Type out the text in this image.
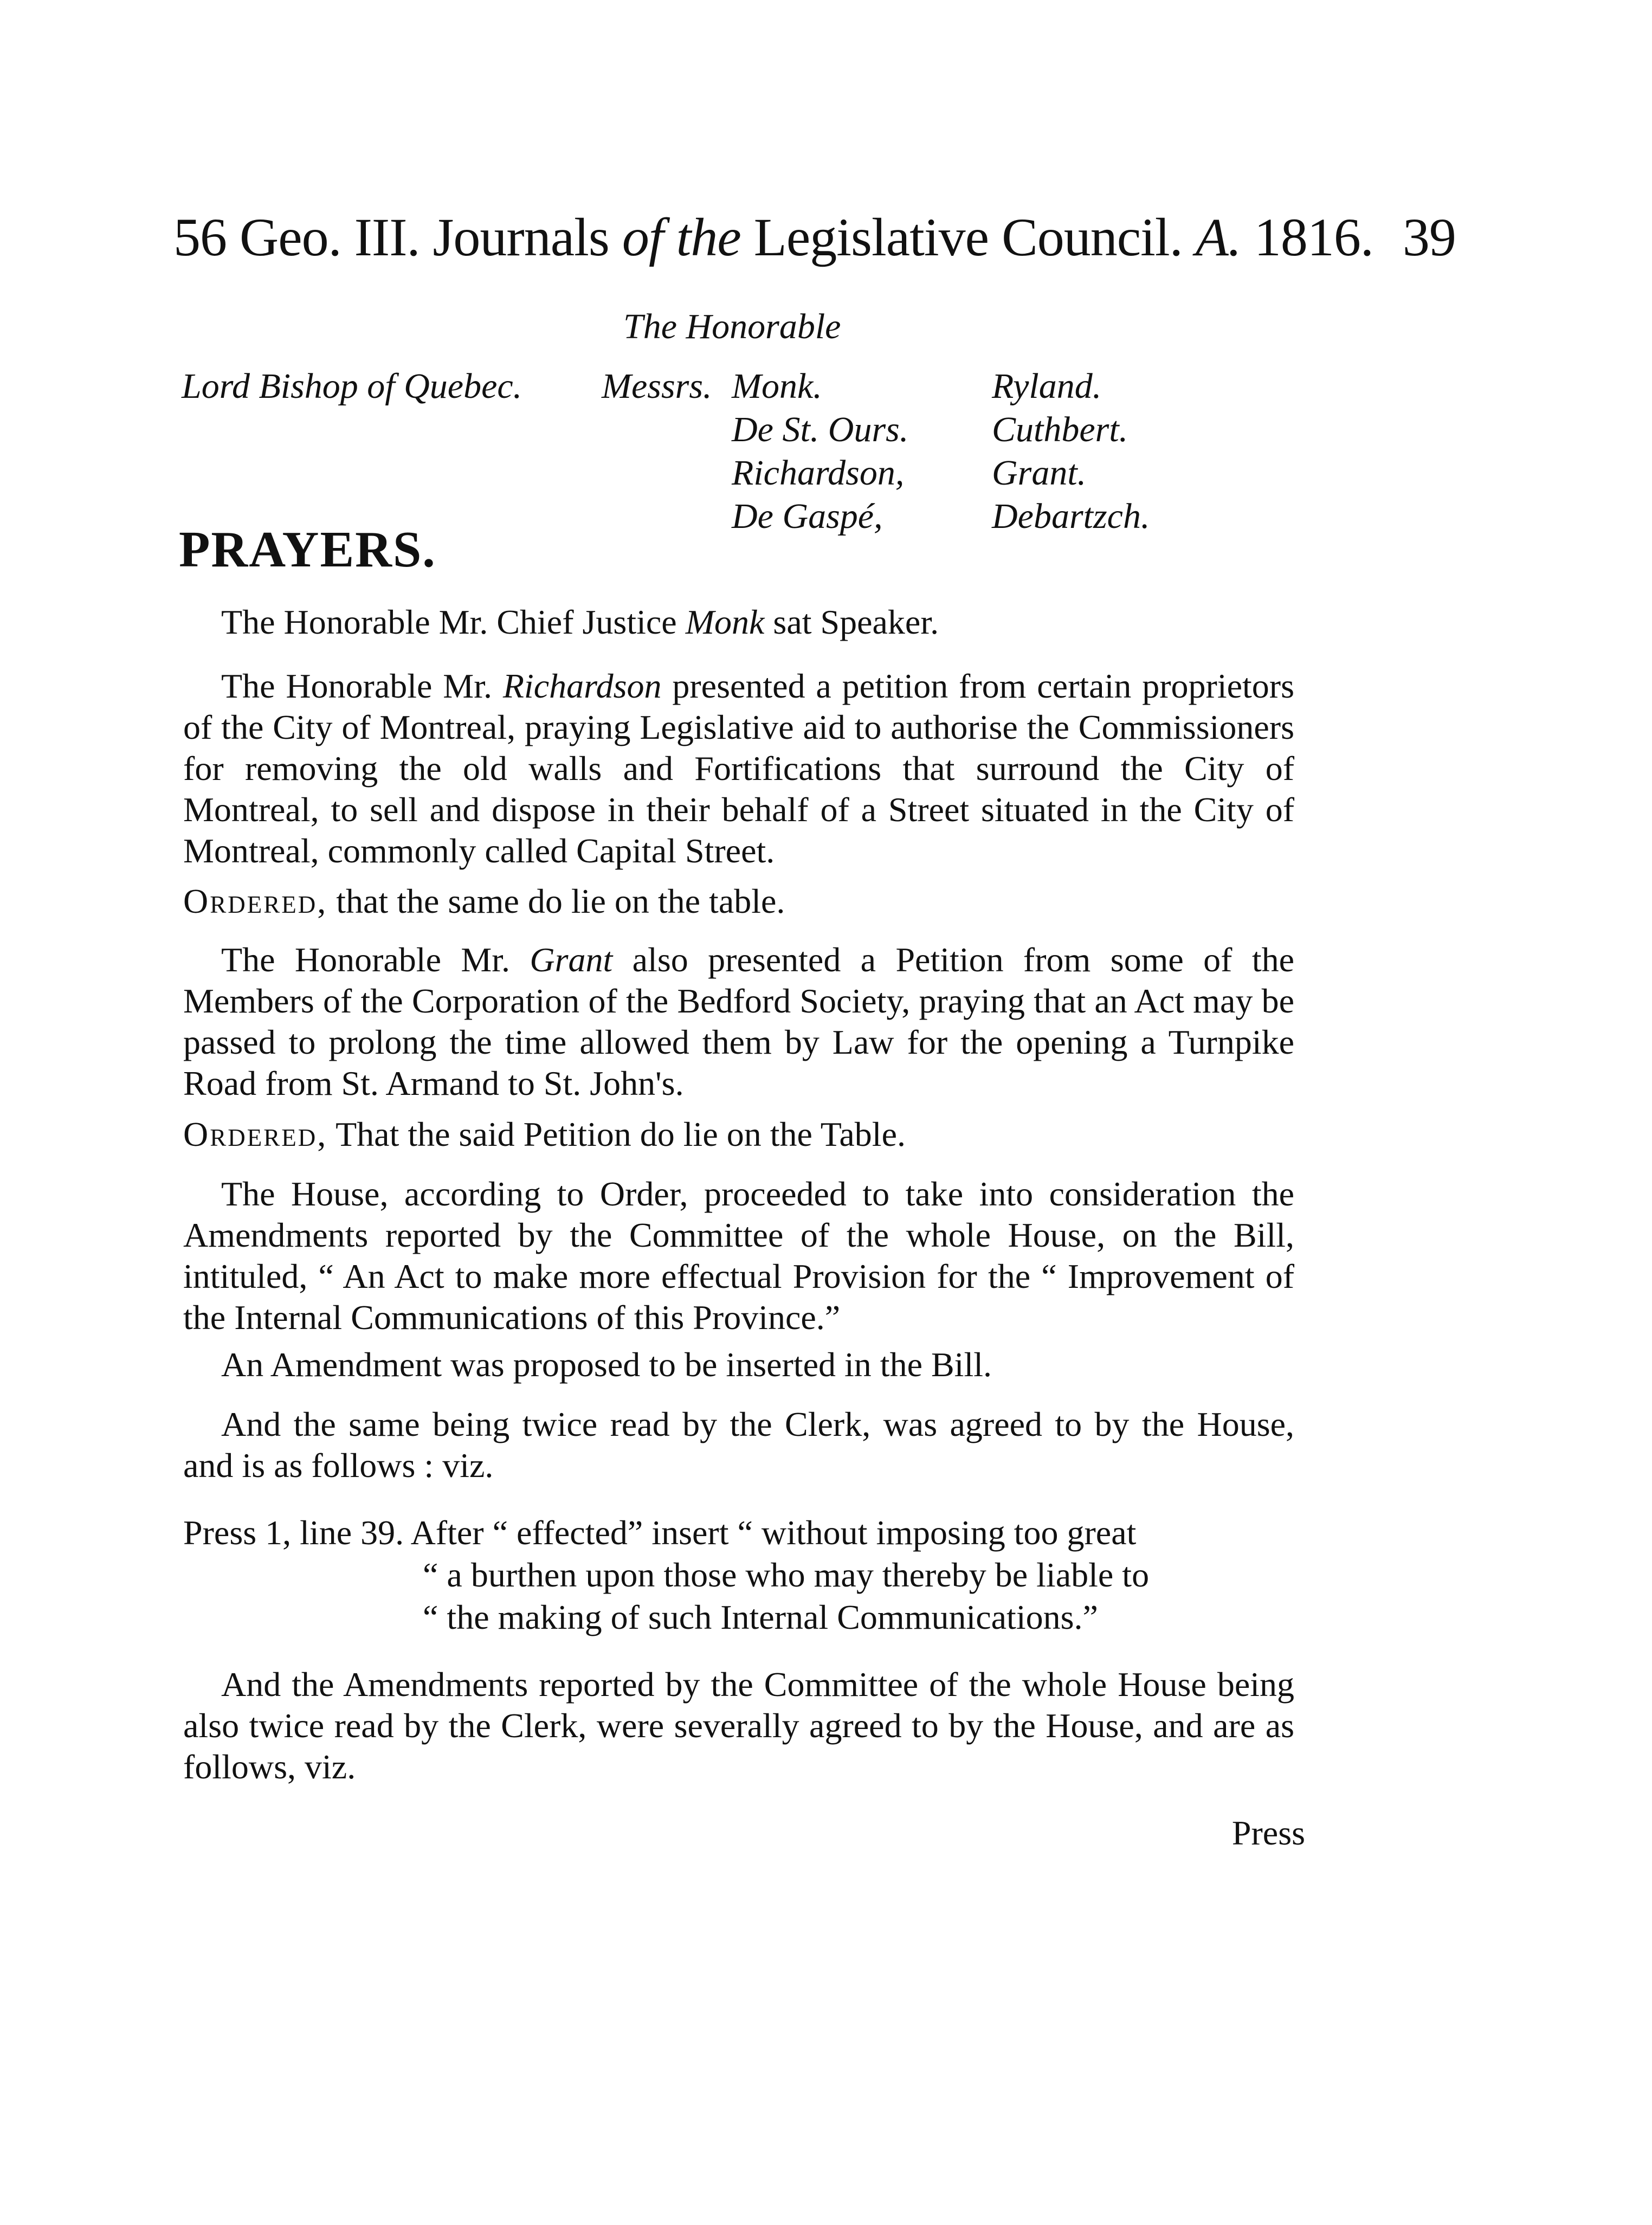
56 Geo. III. Journals of the Legislative Council. A. 1816. 39
The Honorable
Lord Bishop of Quebec. Messrs. Monk.
De St. Ours.
Richardson,
De Gaspé,
Ryland.
Cuthbert.
Grant.
Debartzch.
PRAYERS.

The Honorable Mr. Chief Justice Monk sat Speaker.

The Honorable Mr. Richardson presented a petition from certain proprietors of the City of Montreal, praying Legislative aid to authorise the Commissioners for removing the old walls and Fortifications that surround the City of Montreal, to sell and dispose in their behalf of a Street situated in the City of Montreal, commonly called Capital Street.

Ordered, that the same do lie on the table.

The Honorable Mr. Grant also presented a Petition from some of the Members of the Corporation of the Bedford Society, praying that an Act may be passed to prolong the time allowed them by Law for the opening a Turnpike Road from St. Armand to St. John's.

Ordered, That the said Petition do lie on the Table.

The House, according to Order, proceeded to take into consideration the Amendments reported by the Committee of the whole House, on the Bill, intituled, “ An Act to make more effectual Provision for the “ Improvement of the Internal Communications of this Province.”

An Amendment was proposed to be inserted in the Bill.

And the same being twice read by the Clerk, was agreed to by the House, and is as follows : viz.

Press 1, line 39. After “ effected” insert “ without imposing too great
“ a burthen upon those who may thereby be liable to
“ the making of such Internal Communications.”

And the Amendments reported by the Committee of the whole House being also twice read by the Clerk, were severally agreed to by the House, and are as follows, viz.

Press
